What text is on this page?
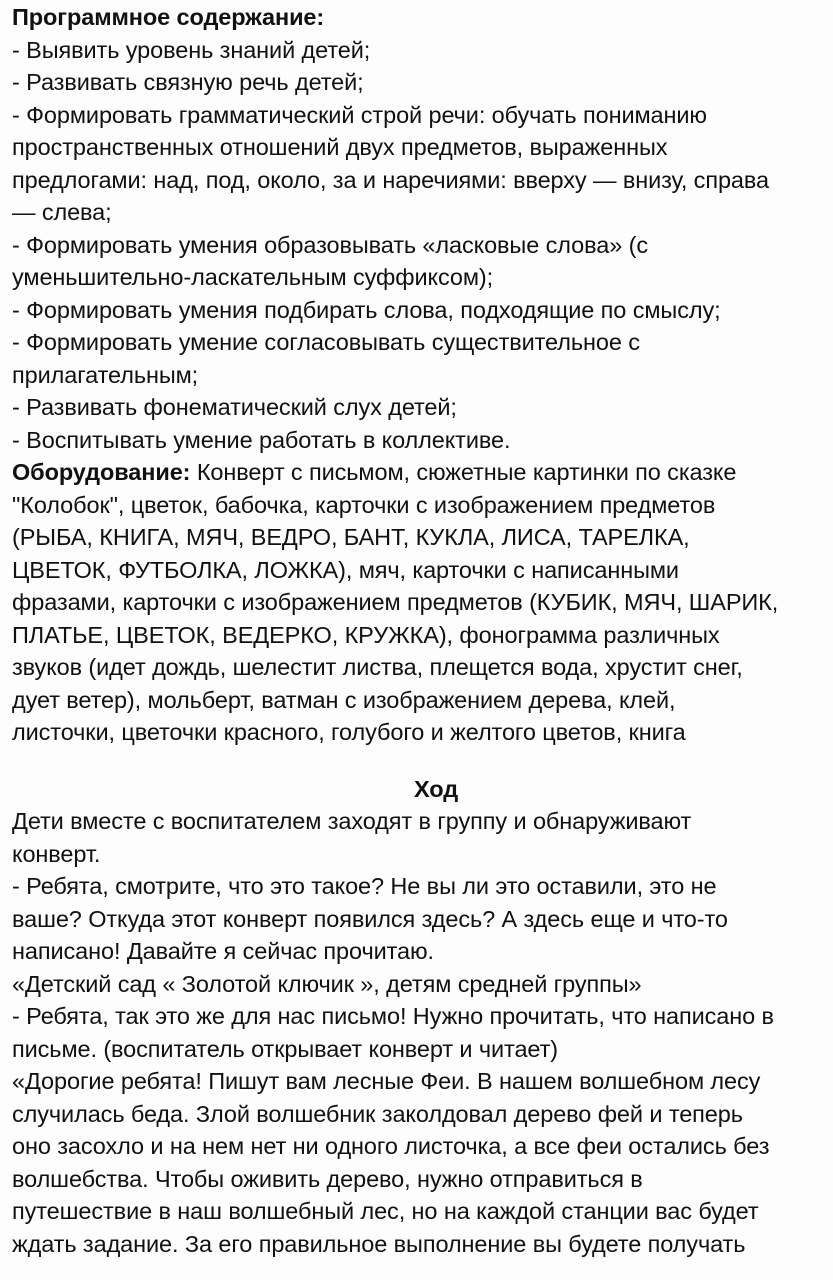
Программное содержание:
- Выявить уровень знаний детей;
- Развивать связную речь детей;
- Формировать грамматический строй речи: обучать пониманию
пространственных отношений двух предметов, выраженных
предлогами: над, под, около, за и наречиями: вверху — внизу, справа
— слева;
- Формировать умения образовывать «ласковые слова» (с
уменьшительно-ласкательным суффиксом);
- Формировать умения подбирать слова, подходящие по смыслу;
- Формировать умение согласовывать существительное с
прилагательным;
- Развивать фонематический слух детей;
- Воспитывать умение работать в коллективе.
Оборудование: Конверт с письмом, сюжетные картинки по сказке
"Колобок", цветок, бабочка, карточки с изображением предметов
(РЫБА, КНИГА, МЯЧ, ВЕДРО, БАНТ, КУКЛА, ЛИСА, ТАРЕЛКА,
ЦВЕТОК, ФУТБОЛКА, ЛОЖКА), мяч, карточки с написанными
фразами, карточки с изображением предметов (КУБИК, МЯЧ, ШАРИК,
ПЛАТЬЕ, ЦВЕТОК, ВЕДЕРКО, КРУЖКА), фонограмма различных
звуков (идет дождь, шелестит листва, плещется вода, хрустит снег,
дует ветер), мольберт, ватман с изображением дерева, клей,
листочки, цветочки красного, голубого и желтого цветов, книга
Ход
Дети вместе с воспитателем заходят в группу и обнаруживают
конверт.
- Ребята, смотрите, что это такое? Не вы ли это оставили, это не
ваше? Откуда этот конверт появился здесь? А здесь еще и что-то
написано! Давайте я сейчас прочитаю.
«Детский сад « Золотой ключик », детям средней группы»
- Ребята, так это же для нас письмо! Нужно прочитать, что написано в
письме. (воспитатель открывает конверт и читает)
«Дорогие ребята! Пишут вам лесные Феи. В нашем волшебном лесу
случилась беда. Злой волшебник заколдовал дерево фей и теперь
оно засохло и на нем нет ни одного листочка, а все феи остались без
волшебства. Чтобы оживить дерево, нужно отправиться в
путешествие в наш волшебный лес, но на каждой станции вас будет
ждать задание. За его правильное выполнение вы будете получать
